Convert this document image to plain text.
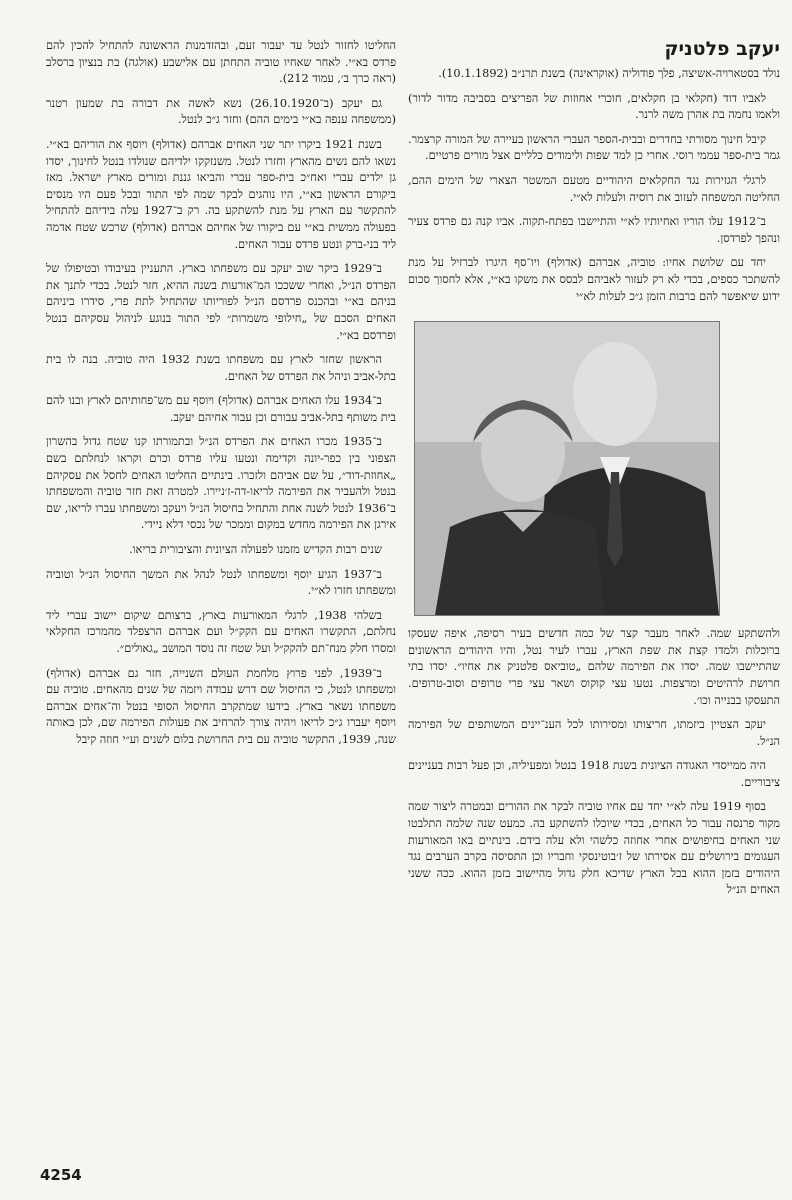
יעקב פלטניק

נולד בסטארויה-אשיצה, פלך פודוליה (אוקראינה) בשנת תרנ״ב (10.1.1892).

לאביו דוד (חקלאי בן חקלאים, חוכרי אחוזות של הפריצים בסביבה מדור לדור) ולאמו נחמה בת אהרן משה לרנר.

קיבל חינוך מסורתי בחדרים ובבית-הספר העברי הראשון בעיירה של המורה קרצמר. גמר בית-ספר עממי רוסי. אחרי כן למד שפות ולימודים כלליים אצל מורים פרטיים.

לרגלי הגזירות נגד החקלאים היהודיים מטעם המשטר הצארי של הימים ההם, החליטה המשפחה לעזוב את רוסיה ולעלות לא״י.

ב־1912 עלו הוריו ואחיותיו לא״י והתיישבו בפתח-תקוה. אביו קנה גם פרדס צעיר ונהפך לפרדסן.

יחד עם שלושת אחיו: טוביה, אברהם (אדולף) ויו־סף היגרו לברזיל על מנת להשתכר כספים, בכדי לא רק לעזור לאביהם לבסס את משקו בא״י, אלא לחסוך סכום ידוע שיאפשר להם ברבות הזמן ג״כ לעלות לא״י

ולהשתקע שמה. לאחר מעבר קצר של כמה חדשים בעיר רסיפה, איפה שעסקו ברוכלות ולמדו קצת את שפת הארץ, עברו לעיר נטל, והיו היהודים הראשונים שהתיישבו שמה. יסדו את הפירמה שלהם „טוביאס פלטניק את אחיו״. יסדו בתי חרושת לרהיטים ומרצפות. נטעו עצי קוקוס ושאר עצי פרי טרופים וסוב-טרופים. התעסקו בבנייה וכו׳.

יעקב הצטיין ביזמתו, חריצותו ומסירותו לכל הענ־יינים המשותפים של הפירמה הנ״ל.

היה ממייסדי האגודה הציונית בשנת 1918 בנטל ומפעיליה, וכן פעל רבות בעניינים ציבוריים.

בסוף 1919 עלה לא״י יחד עם אחיו טוביה לבקר את ההורים ובמטרה ליצור שמה מקור פרנסה עבור כל האחים, בכדי שיוכלו להשתקע בה. כמעט שנה שלמה התלבטו שני האחים בחיפושים אחרי אחוזה כלשהי ולא עלה בידם. בינתיים באו המאורעות העגומים בירושלים עם אסירתו של ז׳בוטינסקי וחבריו וכן התסיסה בקרב הערבים נגד היהודים בזמן ההוא בכל הארץ שדיכא חלק גדול מהיישוב בזמן ההוא. ככה ששני האחים הנ״ל

החליטו לחזור לנטל עד יעבור זעם, ובהזדמנות הראשונה להתחיל להכין להם פרדס בא״י. לאחר שאחיו טוביה התחתן עם אלישבע (אולגה) בת בנציון ברסלב (ראה כרך ב׳, עמוד 212).

גם יעקב (ב־26.10.1920) נשא לאשה את דבורה בת שמעון רטנר (ממשפחה ענפה בא״י בימים ההם) וחזר ג״כ לנטל.

בשנת 1921 ביקרו יתר שני האחים אברהם (אדולף) ויוסף את הוריהם בא״י. נשאו להם נשים מהארץ וחזרו לנטל. משנזקקו ילדיהם שנולדו בנטל לחינוך, יסדו גן ילדים עברי ואח״כ בית-ספר עברי והביאו גננת ומורים מארץ ישראל. מאז ביקורם הראשון בא״י, היו נוהגים לבקר שמה לפי התור ובכל פעם היו מנסים להתקשר עם הארץ על מנת להשתקע בה. רק ב־1927 עלה בידיהם להתחיל בפעולה ממשית בא״י עם ביקורו של אחיהם אברהם (אדולף) שרכש שטח אדמה ליד בני-ברק ונטע פרדס עבור האחים.

ב־1929 ביקר שוב יעקב עם משפחתו בארץ. התעניין בעיבודו ובטיפולו של הפרדס הנ״ל, ואחרי ששככו המ־אורעות בשנה ההיא, חזר לנטל. בכדי לתנך את בניהם בא״י ובהכנס פרדסם הנ״ל לפוריותו שהתחיל לתת פרי, סידרו ביניהם האחים הסכם של „חילופי משמרות״ לפי התור בנוגע לניהול עסקיהם בנטל ופרדסם בא״י.

הראשון שחזר לארץ עם משפחתו בשנת 1932 היה טוביה. בנה לו בית בתל-אביב וניהל את הפרדס של האחים.

ב־1934 עלו האחים אברהם (אדולף) ויוסף עם מש־פחותיהם לארץ ובנו להם בית משותף בתל-אביב עבורם וכן עבור אחיהם יעקב.

ב־1935 מכרו האחים את הפרדס הנ״ל ובתמורתו קנו שטח גדול בהשרון הצפוני בין כפר-יונה וקדימה ונטעו עליו פרדס וכרם וקראו לנחלתם בשם „אחוזת-דוד״, על שם אביהם ולזכרו. בינתיים החליטו האחים לחסל את עסקיהם בנטל ולהעביר את הפירמה לריאו-דה-ז׳ניירו. למטרה זאת חזר טוביה והמשפחתו ב־1936 לנטל לשנה אחת והתחיל בחיסול הנ״ל ויעקב ומשפחתו עברו לריאו, שם אירגן את הפירמה מחדש במקום וממכר של נכסי דלא ניידי.

שנים רבות הקדיש מזמנו לפעולה הציונית והציבורית בריאו.

ב־1937 הגיע יוסף ומשפחתו לנטל לנהל את המשך החיסול הנ״ל וטוביה ומשפחתו חזרו לא״י.

בשלהי 1938, לרגלי המאורעות בארץ, ברצותם שיקום יישוב עברי ליד נחלתם, התקשרו האחים עם הקק״ל ועם אברהם הרצפלד מהמרכז החקלאי ומסרו חלק מנח־תם להקק״ל ועל שטח זה נוסד המושב „גאולים״.

ב־1939, לפני פרוץ מלחמת העולם השנייה, חזר גם אברהם (אדולף) ומשפחתו לנטל, כי החיסול שם דרש עבודה ויזמה של שנים מהאחים. טוביה עם משפחתו נשאר בארץ. בידעו שמתקרב החיסול הסופי בנטל וה־אחים אברהם ויוסף יעברו ג״כ לריאו ויהיה צורך להרחיב את פעולות הפירמה שם, לכן באותה שנה, 1939, התקשר טוביה עם בית החרושת בלום לשנים וע״י חוזה קיבל

4254
